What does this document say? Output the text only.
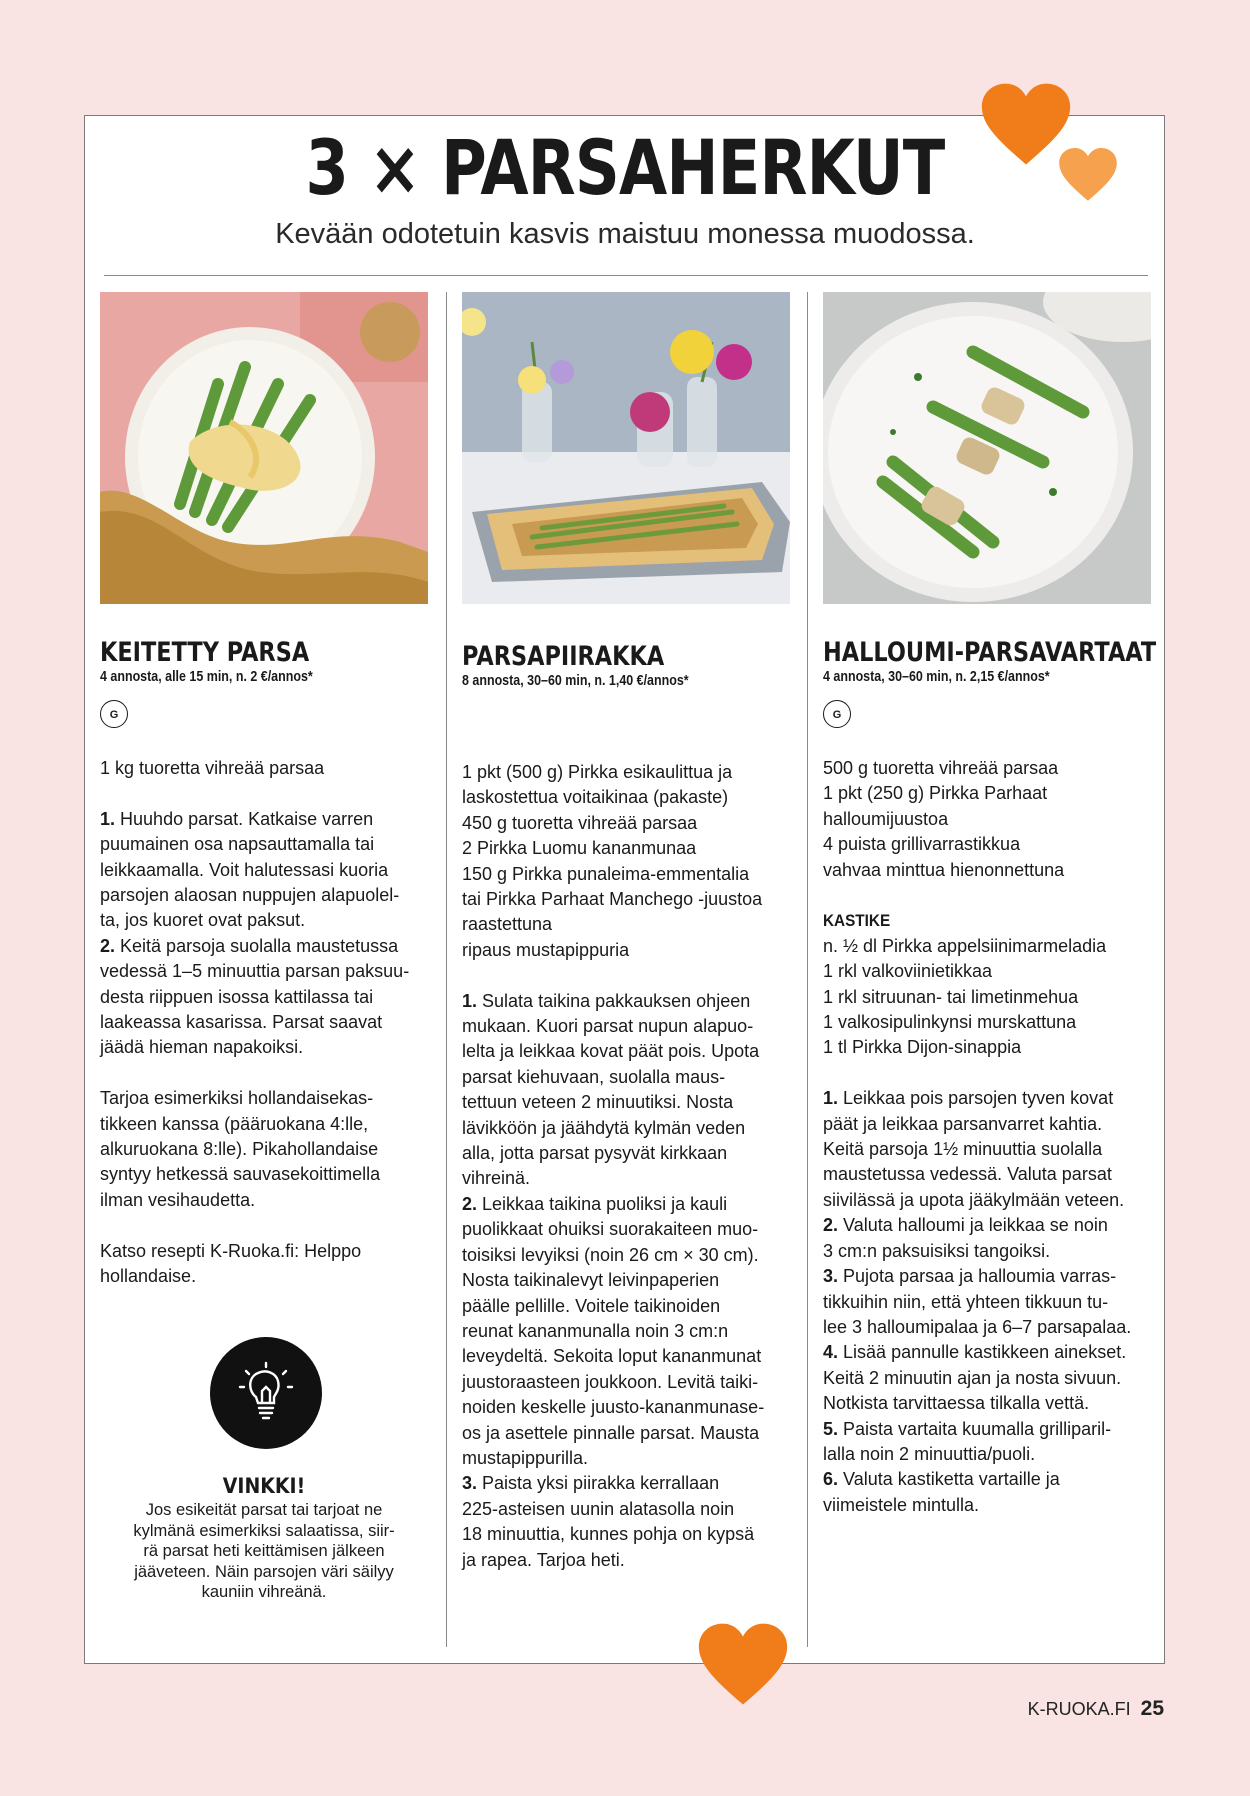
3 × PARSAHERKUT
Kevään odotetuin kasvis maistuu monessa muodossa.
KEITETTY PARSA
4 annosta, alle 15 min, n. 2 €/annos*
G

1 kg tuoretta vihreää parsaa

1. Huuhdo parsat. Katkaise varren

puumainen osa napsauttamalla tai

leikkaamalla. Voit halutessasi kuoria

parsojen alaosan nuppujen alapuolel-

ta, jos kuoret ovat paksut.

2. Keitä parsoja suolalla maustetussa

vedessä 1–5 minuuttia parsan paksuu-

desta riippuen isossa kattilassa tai

laakeassa kasarissa. Parsat saavat

jäädä hieman napakoiksi.

Tarjoa esimerkiksi hollandaisekas-

tikkeen kanssa (pääruokana 4:lle,

alkuruokana 8:lle). Pikahollandaise

syntyy hetkessä sauvasekoittimella

ilman vesihaudetta.

Katso resepti K-Ruoka.fi: Helppo

hollandaise.

VINKKI!
Jos esikeität parsat tai tarjoat ne
kylmänä esimerkiksi salaatissa, siir-
rä parsat heti keittämisen jälkeen
jääveteen. Näin parsojen väri säilyy
kauniin vihreänä.
PARSAPIIRAKKA
8 annosta, 30–60 min, n. 1,40 €/annos*

1 pkt (500 g) Pirkka esikaulittua ja

laskostettua voitaikinaa (pakaste)

450 g tuoretta vihreää parsaa

2 Pirkka Luomu kananmunaa

150 g Pirkka punaleima-emmentalia

tai Pirkka Parhaat Manchego -juustoa

raastettuna

ripaus mustapippuria

1. Sulata taikina pakkauksen ohjeen

mukaan. Kuori parsat nupun alapuo-

lelta ja leikkaa kovat päät pois. Upota

parsat kiehuvaan, suolalla maus-

tettuun veteen 2 minuutiksi. Nosta

lävikköön ja jäähdytä kylmän veden

alla, jotta parsat pysyvät kirkkaan

vihreinä.

2. Leikkaa taikina puoliksi ja kauli

puolikkaat ohuiksi suorakaiteen muo-

toisiksi levyiksi (noin 26 cm × 30 cm).

Nosta taikinalevyt leivinpaperien

päälle pellille. Voitele taikinoiden

reunat kananmunalla noin 3 cm:n

leveydeltä. Sekoita loput kananmunat

juustoraasteen joukkoon. Levitä taiki-

noiden keskelle juusto-kananmunase-

os ja asettele pinnalle parsat. Mausta

mustapippurilla.

3. Paista yksi piirakka kerrallaan

225-asteisen uunin alatasolla noin

18 minuuttia, kunnes pohja on kypsä

ja rapea. Tarjoa heti.

HALLOUMI-PARSAVARTAAT
4 annosta, 30–60 min, n. 2,15 €/annos*
G

500 g tuoretta vihreää parsaa

1 pkt (250 g) Pirkka Parhaat

halloumijuustoa

4 puista grillivarrastikkua

vahvaa minttua hienonnettuna

KASTIKE

n. ½ dl Pirkka appelsiinimarmeladia

1 rkl valkoviinietikkaa

1 rkl sitruunan- tai limetinmehua

1 valkosipulinkynsi murskattuna

1 tl Pirkka Dijon-sinappia

1. Leikkaa pois parsojen tyven kovat

päät ja leikkaa parsanvarret kahtia.

Keitä parsoja 1½ minuuttia suolalla

maustetussa vedessä. Valuta parsat

siivilässä ja upota jääkylmään veteen.

2. Valuta halloumi ja leikkaa se noin

3 cm:n paksuisiksi tangoiksi.

3. Pujota parsaa ja halloumia varras-

tikkuihin niin, että yhteen tikkuun tu-

lee 3 halloumipalaa ja 6–7 parsapalaa.

4. Lisää pannulle kastikkeen ainekset.

Keitä 2 minuutin ajan ja nosta sivuun.

Notkista tarvittaessa tilkalla vettä.

5. Paista vartaita kuumalla grilliparil-

lalla noin 2 minuuttia/puoli.

6. Valuta kastiketta vartaille ja

viimeistele mintulla.

K-RUOKA.FI 25
